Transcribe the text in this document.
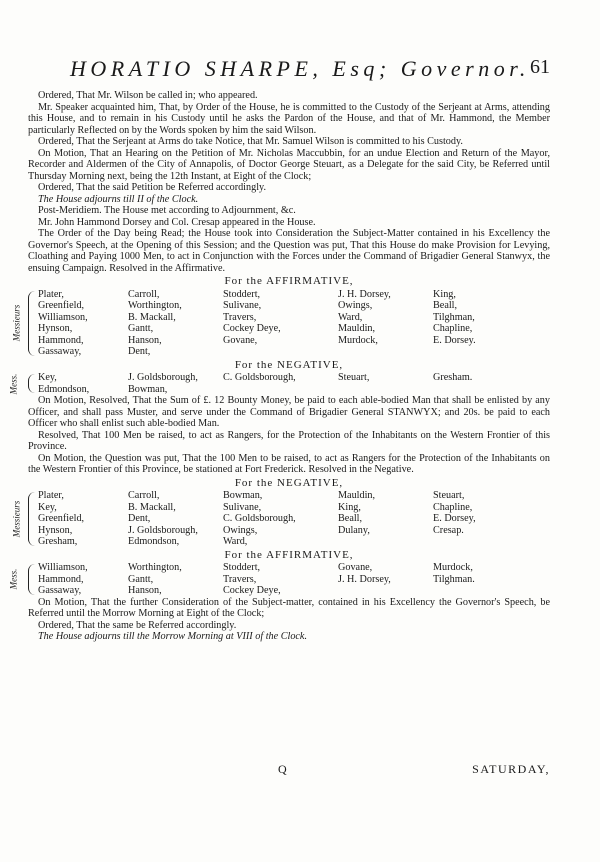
HORATIO SHARPE, Esq; Governor. 61

Ordered, That Mr. Wilson be called in; who appeared.

Mr. Speaker acquainted him, That, by Order of the House, he is committed to the Custody of the Serjeant at Arms, attending this House, and to remain in his Custody until he asks the Pardon of the House, and that of Mr. Hammond, the Member particularly Reflected on by the Words spoken by him the said Wilson.

Ordered, That the Serjeant at Arms do take Notice, that Mr. Samuel Wilson is committed to his Custody.

On Motion, That an Hearing on the Petition of Mr. Nicholas Maccubbin, for an undue Election and Return of the Mayor, Recorder and Aldermen of the City of Annapolis, of Doctor George Steuart, as a Delegate for the said City, be Referred until Thursday Morning next, being the 12th Instant, at Eight of the Clock;

Ordered, That the said Petition be Referred accordingly.

The House adjourns till II of the Clock.

Post-Meridiem. The House met according to Adjournment, &c.

Mr. John Hammond Dorsey and Col. Cresap appeared in the House.

The Order of the Day being Read; the House took into Consideration the Subject-Matter contained in his Excellency the Governor's Speech, at the Opening of this Session; and the Question was put, That this House do make Provision for Levying, Cloathing and Paying 1000 Men, to act in Conjunction with the Forces under the Command of Brigadier General Stanwyx, the ensuing Campaign. Resolved in the Affirmative.

For the AFFIRMATIVE,
Messieurs
Plater,	Carroll,	Stoddert,	J. H. Dorsey,	King,
Greenfield,	Worthington,	Sulivane,	Owings,	Beall,
Williamson,	B. Mackall,	Travers,	Ward,	Tilghman,
Hynson,	Gantt,	Cockey Deye,	Mauldin,	Chapline,
Hammond,	Hanson,	Govane,	Murdock,	E. Dorsey.
Gassaway,	Dent,
For the NEGATIVE,
Mess. Key,	J. Goldsborough,	C. Goldsborough,	Steuart,	Gresham.
Edmondson,	Bowman,

On Motion, Resolved, That the Sum of £. 12 Bounty Money, be paid to each able-bodied Man that shall be enlisted by any Officer, and shall pass Muster, and serve under the Command of Brigadier General STANWYX; and 20s. be paid to each Officer who shall enlist such able-bodied Man.

Resolved, That 100 Men be raised, to act as Rangers, for the Protection of the Inhabitants on the Western Frontier of this Province.

On Motion, the Question was put, That the 100 Men to be raised, to act as Rangers for the Protection of the Inhabitants on the Western Frontier of this Province, be stationed at Fort Frederick. Resolved in the Negative.

For the NEGATIVE,
Messieurs
Plater,	Carroll,	Bowman,	Mauldin,	Steuart,
Key,	B. Mackall,	Sulivane,	King,	Chapline,
Greenfield,	Dent,	C. Goldsborough,	Beall,	E. Dorsey,
Hynson,	J. Goldsborough,	Owings,	Dulany,	Cresap.
Gresham,	Edmondson,	Ward,
For the AFFIRMATIVE,
Mess.
Williamson,	Worthington,	Stoddert,	Govane,	Murdock,
Hammond,	Gantt,	Travers,	J. H. Dorsey,	Tilghman.
Gassaway,	Hanson,	Cockey Deye,

On Motion, That the further Consideration of the Subject-matter, contained in his Excellency the Governor's Speech, be Referred until the Morrow Morning at Eight of the Clock;

Ordered, That the same be Referred accordingly.

The House adjourns till the Morrow Morning at VIII of the Clock.

Q	SATURDAY,
